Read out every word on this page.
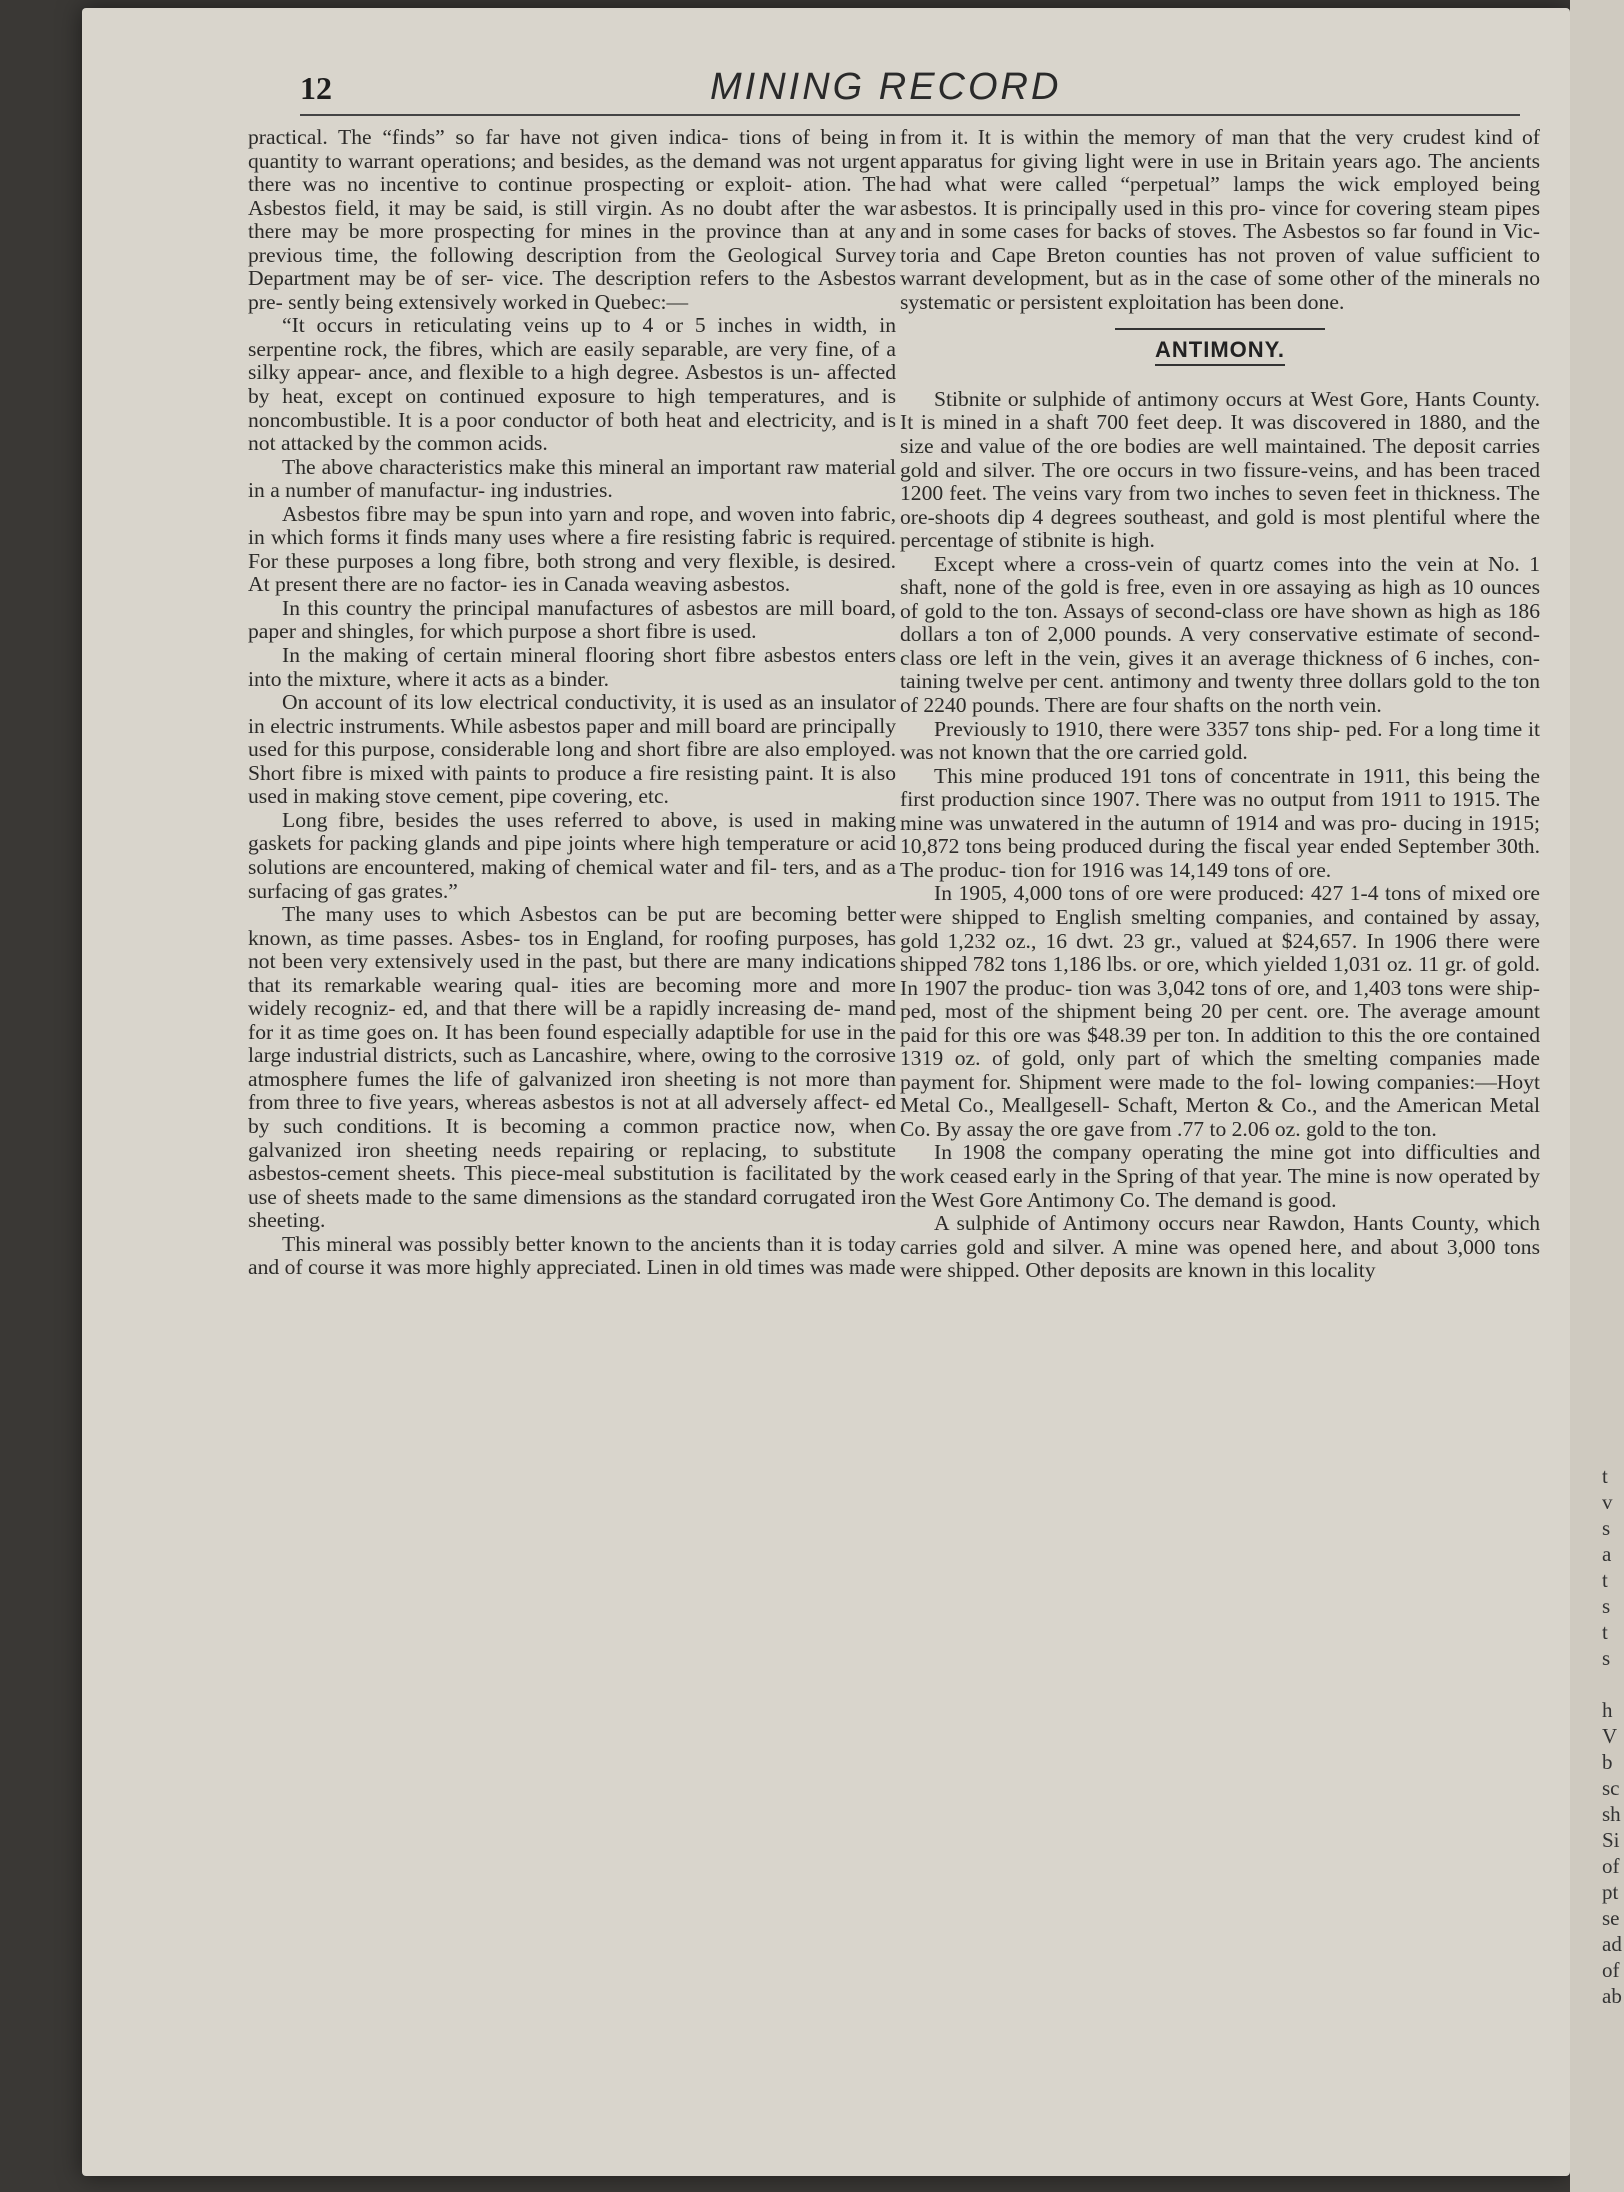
t
v
s
a
t
s
t
s
h
V
b
sc
sh
Si
of
pt
se
ad
of
ab
12	MINING RECORD

practical. The “finds” so far have not given indica- tions of being in quantity to warrant operations; and besides, as the demand was not urgent there was no incentive to continue prospecting or exploit- ation. The Asbestos field, it may be said, is still virgin. As no doubt after the war there may be more prospecting for mines in the province than at any previous time, the following description from the Geological Survey Department may be of ser- vice. The description refers to the Asbestos pre- sently being extensively worked in Quebec:—

“It occurs in reticulating veins up to 4 or 5 inches in width, in serpentine rock, the fibres, which are easily separable, are very fine, of a silky appear- ance, and flexible to a high degree. Asbestos is un- affected by heat, except on continued exposure to high temperatures, and is noncombustible. It is a poor conductor of both heat and electricity, and is not attacked by the common acids.

The above characteristics make this mineral an important raw material in a number of manufactur- ing industries.

Asbestos fibre may be spun into yarn and rope, and woven into fabric, in which forms it finds many uses where a fire resisting fabric is required. For these purposes a long fibre, both strong and very flexible, is desired. At present there are no factor- ies in Canada weaving asbestos.

In this country the principal manufactures of asbestos are mill board, paper and shingles, for which purpose a short fibre is used.

In the making of certain mineral flooring short fibre asbestos enters into the mixture, where it acts as a binder.

On account of its low electrical conductivity, it is used as an insulator in electric instruments. While asbestos paper and mill board are principally used for this purpose, considerable long and short fibre are also employed. Short fibre is mixed with paints to produce a fire resisting paint. It is also used in making stove cement, pipe covering, etc.

Long fibre, besides the uses referred to above, is used in making gaskets for packing glands and pipe joints where high temperature or acid solutions are encountered, making of chemical water and fil- ters, and as a surfacing of gas grates.”

The many uses to which Asbestos can be put are becoming better known, as time passes. Asbes- tos in England, for roofing purposes, has not been very extensively used in the past, but there are many indications that its remarkable wearing qual- ities are becoming more and more widely recogniz- ed, and that there will be a rapidly increasing de- mand for it as time goes on. It has been found especially adaptible for use in the large industrial districts, such as Lancashire, where, owing to the corrosive atmosphere fumes the life of galvanized iron sheeting is not more than from three to five years, whereas asbestos is not at all adversely affect- ed by such conditions. It is becoming a common practice now, when galvanized iron sheeting needs repairing or replacing, to substitute asbestos-cement sheets. This piece-meal substitution is facilitated by the use of sheets made to the same dimensions as the standard corrugated iron sheeting.

This mineral was possibly better known to the ancients than it is today and of course it was more highly appreciated. Linen in old times was made

from it. It is within the memory of man that the very crudest kind of apparatus for giving light were in use in Britain years ago. The ancients had what were called “perpetual” lamps the wick employed being asbestos. It is principally used in this pro- vince for covering steam pipes and in some cases for backs of stoves. The Asbestos so far found in Vic- toria and Cape Breton counties has not proven of value sufficient to warrant development, but as in the case of some other of the minerals no systematic or persistent exploitation has been done.

ANTIMONY.

Stibnite or sulphide of antimony occurs at West Gore, Hants County. It is mined in a shaft 700 feet deep. It was discovered in 1880, and the size and value of the ore bodies are well maintained. The deposit carries gold and silver. The ore occurs in two fissure-veins, and has been traced 1200 feet. The veins vary from two inches to seven feet in thickness. The ore-shoots dip 4 degrees southeast, and gold is most plentiful where the percentage of stibnite is high.

Except where a cross-vein of quartz comes into the vein at No. 1 shaft, none of the gold is free, even in ore assaying as high as 10 ounces of gold to the ton. Assays of second-class ore have shown as high as 186 dollars a ton of 2,000 pounds. A very conservative estimate of second-class ore left in the vein, gives it an average thickness of 6 inches, con- taining twelve per cent. antimony and twenty three dollars gold to the ton of 2240 pounds. There are four shafts on the north vein.

Previously to 1910, there were 3357 tons ship- ped. For a long time it was not known that the ore carried gold.

This mine produced 191 tons of concentrate in 1911, this being the first production since 1907. There was no output from 1911 to 1915. The mine was unwatered in the autumn of 1914 and was pro- ducing in 1915; 10,872 tons being produced during the fiscal year ended September 30th. The produc- tion for 1916 was 14,149 tons of ore.

In 1905, 4,000 tons of ore were produced: 427 1-4 tons of mixed ore were shipped to English smelting companies, and contained by assay, gold 1,232 oz., 16 dwt. 23 gr., valued at $24,657. In 1906 there were shipped 782 tons 1,186 lbs. or ore, which yielded 1,031 oz. 11 gr. of gold. In 1907 the produc- tion was 3,042 tons of ore, and 1,403 tons were ship- ped, most of the shipment being 20 per cent. ore. The average amount paid for this ore was $48.39 per ton. In addition to this the ore contained 1319 oz. of gold, only part of which the smelting companies made payment for. Shipment were made to the fol- lowing companies:—Hoyt Metal Co., Meallgesell- Schaft, Merton & Co., and the American Metal Co. By assay the ore gave from .77 to 2.06 oz. gold to the ton.

In 1908 the company operating the mine got into difficulties and work ceased early in the Spring of that year. The mine is now operated by the West Gore Antimony Co. The demand is good.

A sulphide of Antimony occurs near Rawdon, Hants County, which carries gold and silver. A mine was opened here, and about 3,000 tons were shipped. Other deposits are known in this locality
